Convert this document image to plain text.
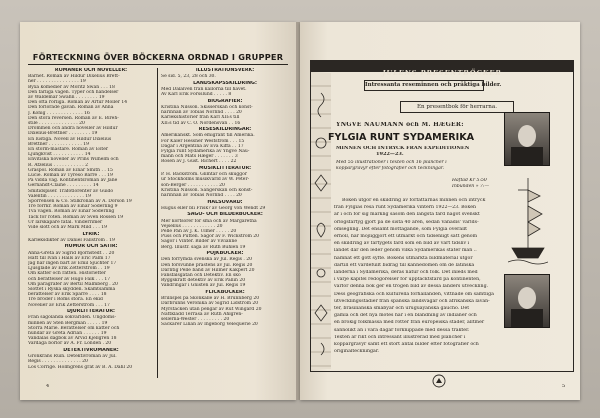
FÖRTECKNING ÖVER BÖCKERNA ORDNAD I GRUPPER
ROMANER OCH NOVELLER:
Barnet. Roman av Hildur Dixelius Brett-
ner . . . . . . . . . . . . . . . 19
Byxa komedier av Moritz Swan . . . 18
Den farliga vägen. Typer och händelser
av Waldemar Swahn . . . . . . . . 19
Den ofta rörliga. Roman av Artur Möller 14
Den förlorade gåvan. Roman av Anna
J. König . . . . . . . . . . . . . 16
Den stora reversen. Roman av E. Bireh-
stile . . . . . . . . . . . . . . 20
Drömmen och andra noveller av Hildur
Dixelius-Brettner . . . . . . . . 19
En lustiga. Novell av Hildur Dixelius
Brettner . . . . . . . . . . . . 19
En storm-mästare. Roman av Ester
Ljungkvist . . . . . . . . . . . 14
Envitiska noveller av Prins Wilhelm och
R. Afzelius . . . . . . . . . . . 2
Gräspöl. Roman av Einar Smith . . 15
Lucie. Roman av Tyresö Barre . . . 19
På vidda väg. Kontinentsroman av Jane
Gernandt-Claine . . . . . . . . . 14
Smitidspiser. Trafotlorenter av Guido
Valentin . . . . . . . . . . . . . 19
Sporrensen & Co. Stilkronan av A. Dorson 19
Tre förrkr. Roman av Einar Söderling 9
Två vägen. Roman av Einar Söderling
Tack för roten. Roman av Sven Rossen 19
Ur lärskapare fåtal. Vinderrimer
Vide slott och av Mark Mild . . . 19
LYRIK:
Kärleksdikter av Daniel Fallström . 19
HUMOR OCH SATIR:
Anna-Greta av Sigrid Björnstedt . . 20
Hatt till Ivan i Halls av Eric Palm 17
Jag har ingen bärt av Emil Sjuchter 17
Ljusglade av Erik Zetterström . . 19
Om katter och rätten. Historietter
och berättelser av Hugo Falk . . . 17
Om paragrafer av Bertil Malmberg . 20
Slottet i Ryska skydden. Skämtsamma
berättelser av Erik Sparre . . . . 18
Tre bröder i Roms stora. En ekid
Novelier av Erik Zetterström . . . 17
DJURLITTERATUR:
Från sagolända sökvärlden. Ungdoms-
minnen av Sten Bergman . . . . . 19
Storra Marie. Berättelser om katter och
hundar av Greta Adrian . . . . . . 19
Vandalas dagbok av Arvid Kjellgren 18
Vardaga börlor av A. Fr. Londen . 20
DETEKTIVROMANER:
Grönkrans Ruin. Detektivroman av Jul.
Regis . . . . . . . . . . . . . . 20
Los Corrige. Holmgrens grat av B. A. Dahl 20
ILLUSTRATIONSVERK:
Se sid. 5, 23, 28 och 30.
LANDSKAPSSKILDRING:
Med Dalälven från källorna till havet.
Av Karl Erik Forsslund . . . . . 8
BIOGRAFIER:
Kristina Nilsson. Skisserskan och konst-
närinnan av Tobias Norlind . . . . 20
Kärlekshistorier från Karl XII:s till
XII:s tid av C. O. Nordensvan . . 16
RESESKILDRINGAR:
Amerikanskt. Som emigrant till Amerika.
För Kaler Hessner Westström . . . 15
Dagar i Argentina av Eva Kiffa . . 17
Fylgia runt Sydamerika av Yngve Nau-
mann och Mats Hæger . . . . . . . 3
Rosen av J. Gust. Richert . . . . 22
MUSIKLITTERATUR:
P. H. Bäckström. Glimtar och skuggor
ur Stockholms musikvärld av W. Peter-
son-Berger . . . . . . . . . . . 20
Kristina Nilsson. Sångerskan och konst-
närinnan av Tobias Norlind . . . . 20
HÄLSOVÅRD:
Hugus eller bli Frisk? av Georg von Wendt 29
SAGO- OCH BILDERBÖCKER:
Mer kortsörer för små och av Margaretha
Vejsellus . . . . . . . . . . . . 20
Pelle Pan av J. K. Ulmer . . . . . 20
Puss och Putten. Sagor av F. Wickström 20
Sagor i Vinter. Bilder av Vivianne
Berg. Illustr. saga av Ruth Bühlen 19
POJKBÖCKER:
Den förrymda svenska av Jul. Regis . 20
Den försvunne prästens av Jul. Regis 20
Dårlitig Pelle band av Hilmer Käkpert 20
Fånsfalsgätan och Detektiv. En sko
Ryggskratt detektiv av Erik Pallin 20
Vandringar i Gnisten av Jul. Regis 19
FLICKBÖCKER:
Brillispel på Skonkälle av H. Brunnberg 20
Dårbrunns Veronika av Sigrid Lidström 20
Myrstacken utan pengar av Rut Wingård 20
Nattklädd Terrasa av Ruth Ahlgren-
sellerna-Wester . . . . . . . . . 20
Sackarer Lilian av Ingeborg Velequerie 20
4
JULENS PRESENTBÖCKER
Intressanta reseminnen och präktiga bilder.
En presentbok för herrarna.
YNGVE NAUMANN och M. HÆGER:
FYLGIA RUNT SYDAMERIKA
MINNEN OCH INTRYCK FRÅN EXPEDITIONEN
1922—23.
Med 55 illustrationer i texten och 16 plancher i
koppargravyr efter fotografier och teckningar.
Häftad Kr 5:50
Inbunden » 7:—
Boken utgör en skildring av författarnas minnen och intryck
från Fylgias resa runt Sydamerika vintern 1922—23. Boken
är i och för sig märklig såsom den längsta färd något svenskt
örlogsfartyg gjort på de sista 40 åren, sedan Vanadis' världs-
omsegling. Det ensamt mottagande, som Fylgia överallt
erhöll, har möjliggjort ett utmärkt och tidsenligt sätt genom
en skildring av fartygets färd som en bild av vårt tidsliv i
landet där den leder genom vilka Sydamerikas stater man ..
hämnat ett gott syfte. Bokens utmärkta bildmaterial utgör
därtill ett värdefullt bidrag till kännedomen om de latinska
länderna i Sydamerika, deras natur och folk. Det inleds med
i varje kapitel redogörelser för upptäcktsfärd på kontinenten,
varför denna bok ger en trogen bild av dessa länders utveckling.
Dess geografiska och kulturella förhållanden, vittnade om samtliga
utvecklingsstadier från spanska landsvägar och afrikanska lavan-
ter, brasilianska småbyar och uruguayanska gaucho. Det
gamla och det nya mötes här i en blandning av indianer och
en brokig folkmassa med rötter från europeiska städer, alltmer
sannolikt än i våra dagar förknippade med dessa trakter.
Texten är rikt och intressant illustrerad med plancher i
koppargravyr samt ett stort antal bilder efter fotografier och
originalteckningar.
5
